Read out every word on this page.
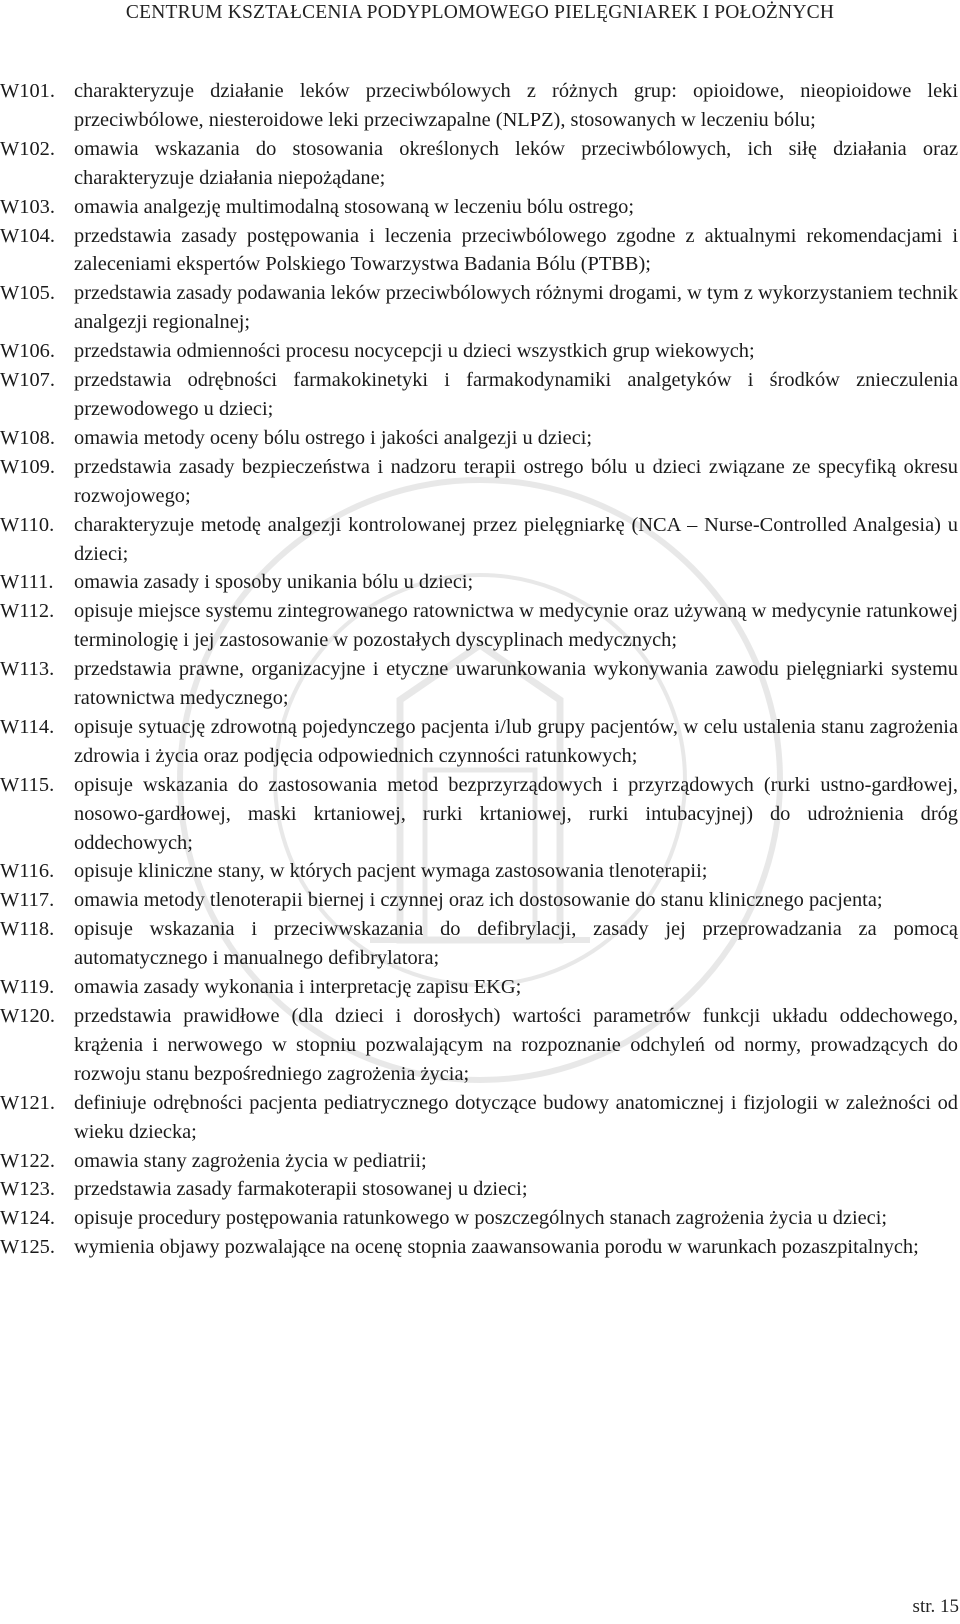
CENTRUM KSZTAŁCENIA PODYPLOMOWEGO PIELĘGNIAREK I POŁOŻNYCH
W101. charakteryzuje działanie leków przeciwbólowych z różnych grup: opioidowe, nieopioidowe leki przeciwbólowe, niesteroidowe leki przeciwzapalne (NLPZ), stosowanych w leczeniu bólu;
W102. omawia wskazania do stosowania określonych leków przeciwbólowych, ich siłę działania oraz charakteryzuje działania niepożądane;
W103. omawia analgezję multimodalną stosowaną w leczeniu bólu ostrego;
W104. przedstawia zasady postępowania i leczenia przeciwbólowego zgodne z aktualnymi rekomendacjami i zaleceniami ekspertów Polskiego Towarzystwa Badania Bólu (PTBB);
W105. przedstawia zasady podawania leków przeciwbólowych różnymi drogami, w tym z wykorzystaniem technik analgezji regionalnej;
W106. przedstawia odmienności procesu nocycepcji u dzieci wszystkich grup wiekowych;
W107. przedstawia odrębności farmakokinetyki i farmakodynamiki analgetyków i środków znieczulenia przewodowego u dzieci;
W108. omawia metody oceny bólu ostrego i jakości analgezji u dzieci;
W109. przedstawia zasady bezpieczeństwa i nadzoru terapii ostrego bólu u dzieci związane ze specyfiką okresu rozwojowego;
W110. charakteryzuje metodę analgezji kontrolowanej przez pielęgniarkę (NCA – Nurse-Controlled Analgesia) u dzieci;
W111.	omawia zasady i sposoby unikania bólu u dzieci;
W112. opisuje miejsce systemu zintegrowanego ratownictwa w medycynie oraz używaną w medycynie ratunkowej terminologię i jej zastosowanie w pozostałych dyscyplinach medycznych;
W113. przedstawia prawne, organizacyjne i etyczne uwarunkowania wykonywania zawodu pielęgniarki systemu ratownictwa medycznego;
W114. opisuje sytuację zdrowotną pojedynczego pacjenta i/lub grupy pacjentów, w celu ustalenia stanu zagrożenia zdrowia i życia oraz podjęcia odpowiednich czynności ratunkowych;
W115. opisuje wskazania do zastosowania metod bezprzyrządowych i przyrządowych (rurki ustno-gardłowej, nosowo-gardłowej, maski krtaniowej, rurki krtaniowej, rurki intubacyjnej) do udrożnienia dróg oddechowych;
W116. opisuje kliniczne stany, w których pacjent wymaga zastosowania tlenoterapii;
W117. omawia metody tlenoterapii biernej i czynnej oraz ich dostosowanie do stanu klinicznego pacjenta;
W118. opisuje wskazania i przeciwwskazania do defibrylacji, zasady jej przeprowadzania za pomocą automatycznego i manualnego defibrylatora;
W119. omawia zasady wykonania i interpretację zapisu EKG;
W120. przedstawia prawidłowe (dla dzieci i dorosłych) wartości parametrów funkcji układu oddechowego, krążenia i nerwowego w stopniu pozwalającym na rozpoznanie odchyleń od normy, prowadzących do rozwoju stanu bezpośredniego zagrożenia życia;
W121. definiuje odrębności pacjenta pediatrycznego dotyczące budowy anatomicznej i fizjologii w zależności od wieku dziecka;
W122. omawia stany zagrożenia życia w pediatrii;
W123. przedstawia zasady farmakoterapii stosowanej u dzieci;
W124. opisuje procedury postępowania ratunkowego w poszczególnych stanach zagrożenia życia u dzieci;
W125. wymienia objawy pozwalające na ocenę stopnia zaawansowania porodu w warunkach pozaszpitalnych;
str. 15
